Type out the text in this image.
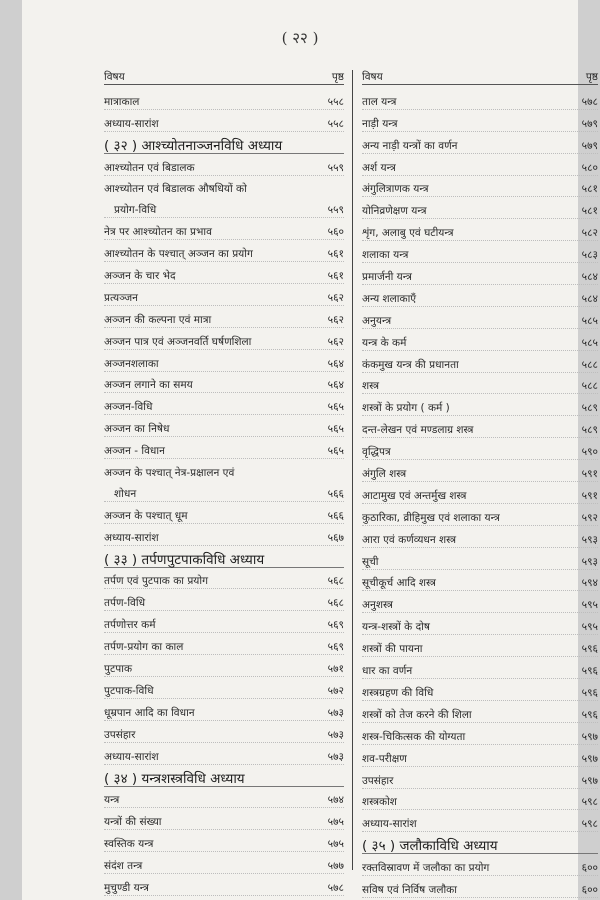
( २२ )
विषय	पृष्ठ
मात्राकाल	५५८
अध्याय-सारांश	५५८
( ३२ ) आश्च्योतनाञ्जनविधि अध्याय
आश्च्योतन एवं बिडालक	५५९
आश्च्योतन एवं बिडालक औषधियों को
प्रयोग-विधि	५५९
नेत्र पर आश्च्योतन का प्रभाव	५६०
आश्च्योतन के पश्चात् अञ्जन का प्रयोग	५६१
अञ्जन के चार भेद	५६१
प्रत्यञ्जन	५६२
अञ्जन की कल्पना एवं मात्रा	५६२
अञ्जन पात्र एवं अञ्जनवर्ति घर्षणशिला	५६२
अञ्जनशलाका	५६४
अञ्जन लगाने का समय	५६४
अञ्जन-विधि	५६५
अञ्जन का निषेध	५६५
अञ्जन - विधान	५६५
अञ्जन के पश्चात् नेत्र-प्रक्षालन एवं
शोधन	५६६
अञ्जन के पश्चात् धूम	५६६
अध्याय-सारांश	५६७
( ३३ ) तर्पणपुटपाकविधि अध्याय
तर्पण एवं पुटपाक का प्रयोग	५६८
तर्पण-विधि	५६८
तर्पणोत्तर कर्म	५६९
तर्पण-प्रयोग का काल	५६९
पुटपाक	५७१
पुटपाक-विधि	५७२
धूम्रपान आदि का विधान	५७३
उपसंहार	५७३
अध्याय-सारांश	५७३
( ३४ ) यन्त्रशस्त्रविधि अध्याय
यन्त्र	५७४
यन्त्रों की संख्या	५७५
स्वस्तिक यन्त्र	५७५
संदंश तन्त्र	५७७
मुचुण्डी यन्त्र	५७८
विषय	पृष्ठ
ताल यन्त्र	५७८
नाड़ी यन्त्र	५७९
अन्य नाड़ी यन्त्रों का वर्णन	५७९
अर्श यन्त्र	५८०
अंगुलित्राणक यन्त्र	५८१
योनिव्रणेक्षण यन्त्र	५८१
शृंग, अलाबु एवं घटीयन्त्र	५८२
शलाका यन्त्र	५८३
प्रमार्जनी यन्त्र	५८४
अन्य शलाकाएँ	५८४
अनुयन्त्र	५८५
यन्त्र के कर्म	५८५
कंकमुख यन्त्र की प्रधानता	५८८
शस्त्र	५८८
शस्त्रों के प्रयोग ( कर्म )	५८९
दन्त-लेखन एवं मण्डलाग्र शस्त्र	५८९
वृद्धिपत्र	५९०
अंगुलि शस्त्र	५९१
आटामुख एवं अन्तर्मुख शस्त्र	५९१
कुठारिका, व्रीहिमुख एवं शलाका यन्त्र	५९२
आरा एवं कर्णव्यधन शस्त्र	५९३
सूची	५९३
सूचीकूर्च आदि शस्त्र	५९४
अनुशस्त्र	५९५
यन्त्र-शस्त्रों के दोष	५९५
शस्त्रों की पायना	५९६
धार का वर्णन	५९६
शस्त्रग्रहण की विधि	५९६
शस्त्रों को तेज करने की शिला	५९६
शस्त्र-चिकित्सक की योग्यता	५९७
शव-परीक्षण	५९७
उपसंहार	५९७
शस्त्रकोश	५९८
अध्याय-सारांश	५९८
( ३५ ) जलौकाविधि अध्याय
रक्तविस्रावण में जलौका का प्रयोग	६००
सविष एवं निर्विष जलौका	६००
